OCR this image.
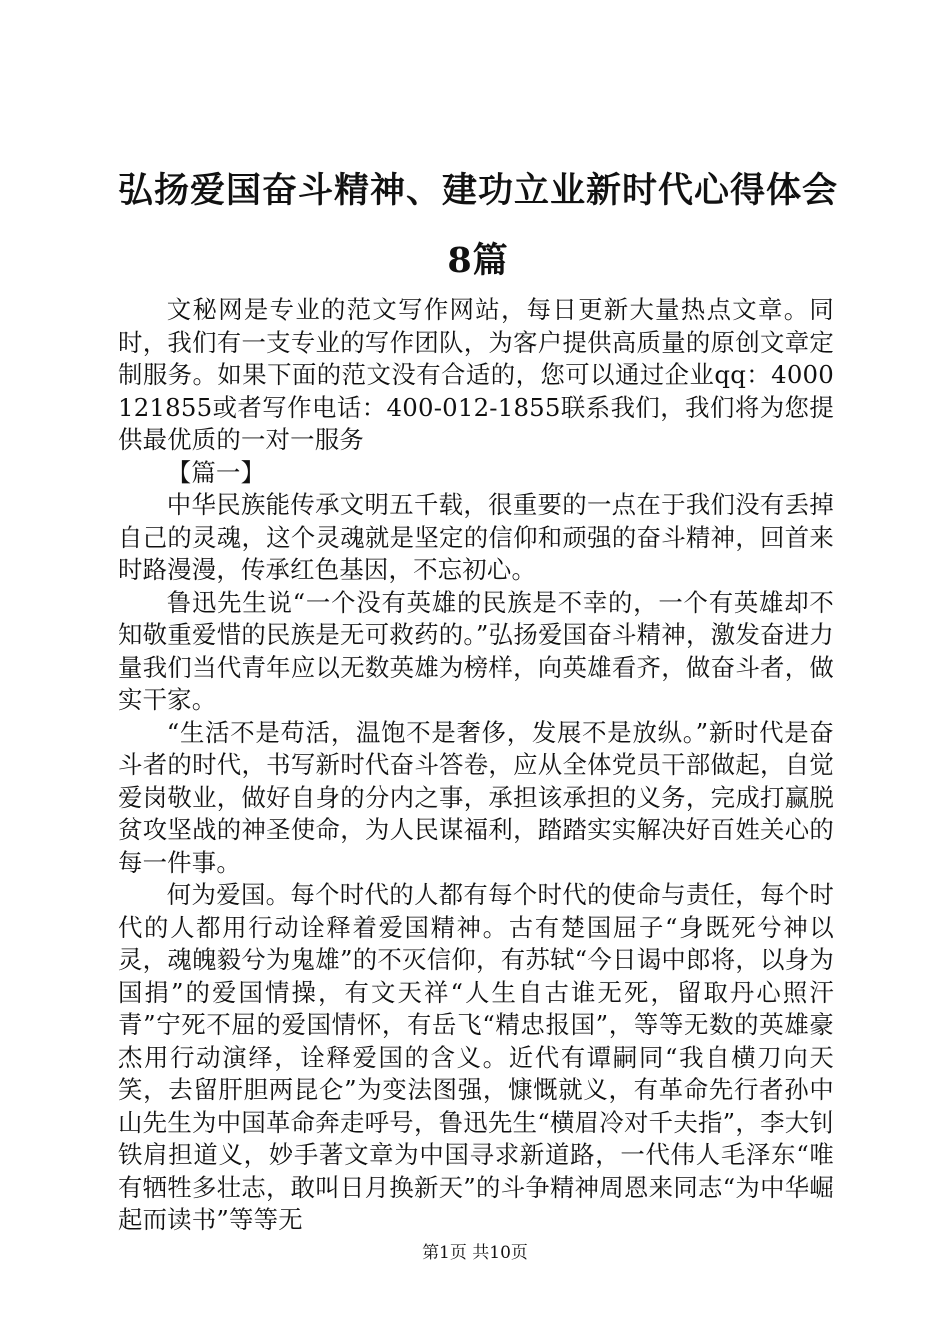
弘扬爱国奋斗精神、建功立业新时代心得体会8篇

文秘网是专业的范文写作网站，每日更新大量热点文章。同时，我们有一支专业的写作团队，为客户提供高质量的原创文章定制服务。如果下面的范文没有合适的，您可以通过企业qq：4000121855或者写作电话：400-012-1855联系我们，我们将为您提供最优质的一对一服务

【篇一】

中华民族能传承文明五千载，很重要的一点在于我们没有丢掉自己的灵魂，这个灵魂就是坚定的信仰和顽强的奋斗精神，回首来时路漫漫，传承红色基因，不忘初心。

鲁迅先生说“一个没有英雄的民族是不幸的，一个有英雄却不知敬重爱惜的民族是无可救药的。”弘扬爱国奋斗精神，激发奋进力量我们当代青年应以无数英雄为榜样，向英雄看齐，做奋斗者，做实干家。

“生活不是苟活，温饱不是奢侈，发展不是放纵。”新时代是奋斗者的时代，书写新时代奋斗答卷，应从全体党员干部做起，自觉爱岗敬业，做好自身的分内之事，承担该承担的义务，完成打赢脱贫攻坚战的神圣使命，为人民谋福利，踏踏实实解决好百姓关心的每一件事。

何为爱国。每个时代的人都有每个时代的使命与责任，每个时代的人都用行动诠释着爱国精神。古有楚国屈子“身既死兮神以灵，魂魄毅兮为鬼雄”的不灭信仰，有苏轼“今日谒中郎将，以身为国捐”的爱国情操，有文天祥“人生自古谁无死，留取丹心照汗青”宁死不屈的爱国情怀，有岳飞“精忠报国”，等等无数的英雄豪杰用行动演绎，诠释爱国的含义。近代有谭嗣同“我自横刀向天笑，去留肝胆两昆仑”为变法图强，慷慨就义，有革命先行者孙中山先生为中国革命奔走呼号，鲁迅先生“横眉冷对千夫指”，李大钊铁肩担道义，妙手著文章为中国寻求新道路，一代伟人毛泽东“唯有牺牲多壮志，敢叫日月换新天”的斗争精神周恩来同志“为中华崛起而读书”等等无

第1页 共10页
